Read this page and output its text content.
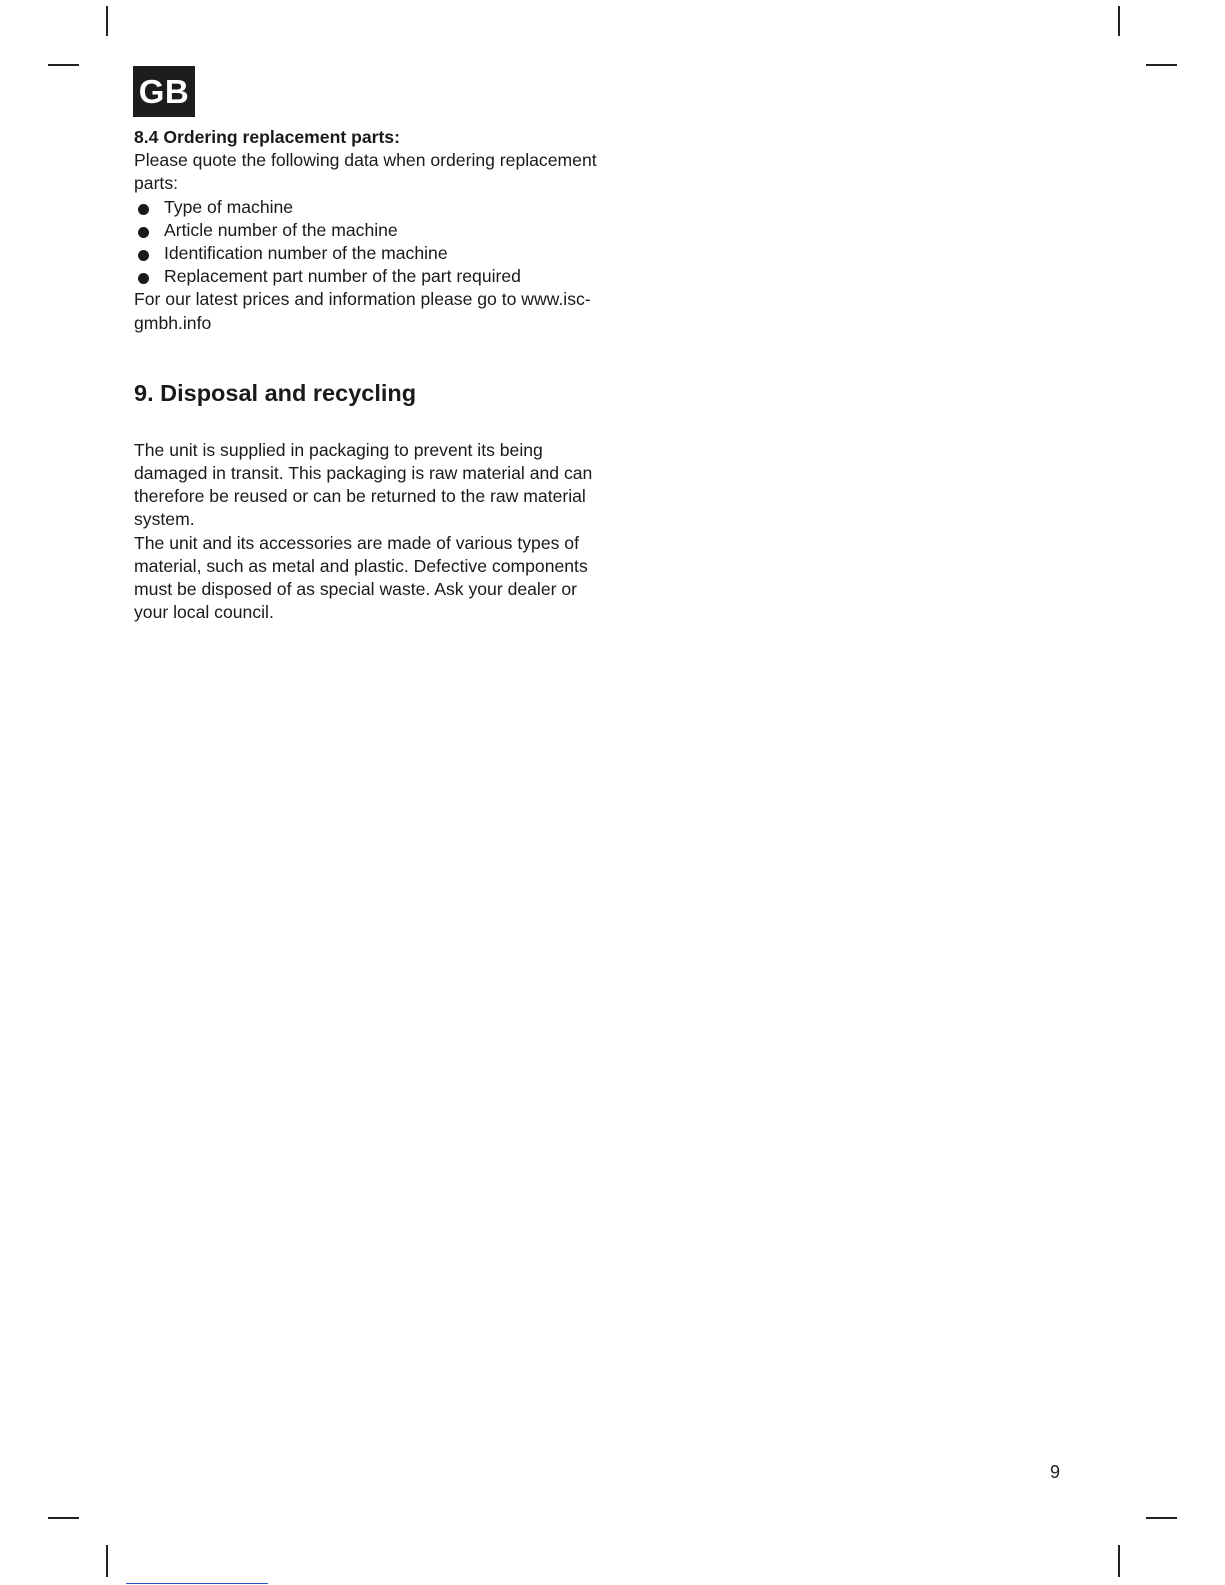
GB

8.4 Ordering replacement parts:

Please quote the following data when ordering replacement parts:

Type of machine
Article number of the machine
Identification number of the machine
Replacement part number of the part required

For our latest prices and information please go to www.isc-gmbh.info

9. Disposal and recycling

The unit is supplied in packaging to prevent its being damaged in transit. This packaging is raw material and can therefore be reused or can be returned to the raw material system.

The unit and its accessories are made of various types of material, such as metal and plastic. Defective components must be disposed of as special waste. Ask your dealer or your local council.

9
